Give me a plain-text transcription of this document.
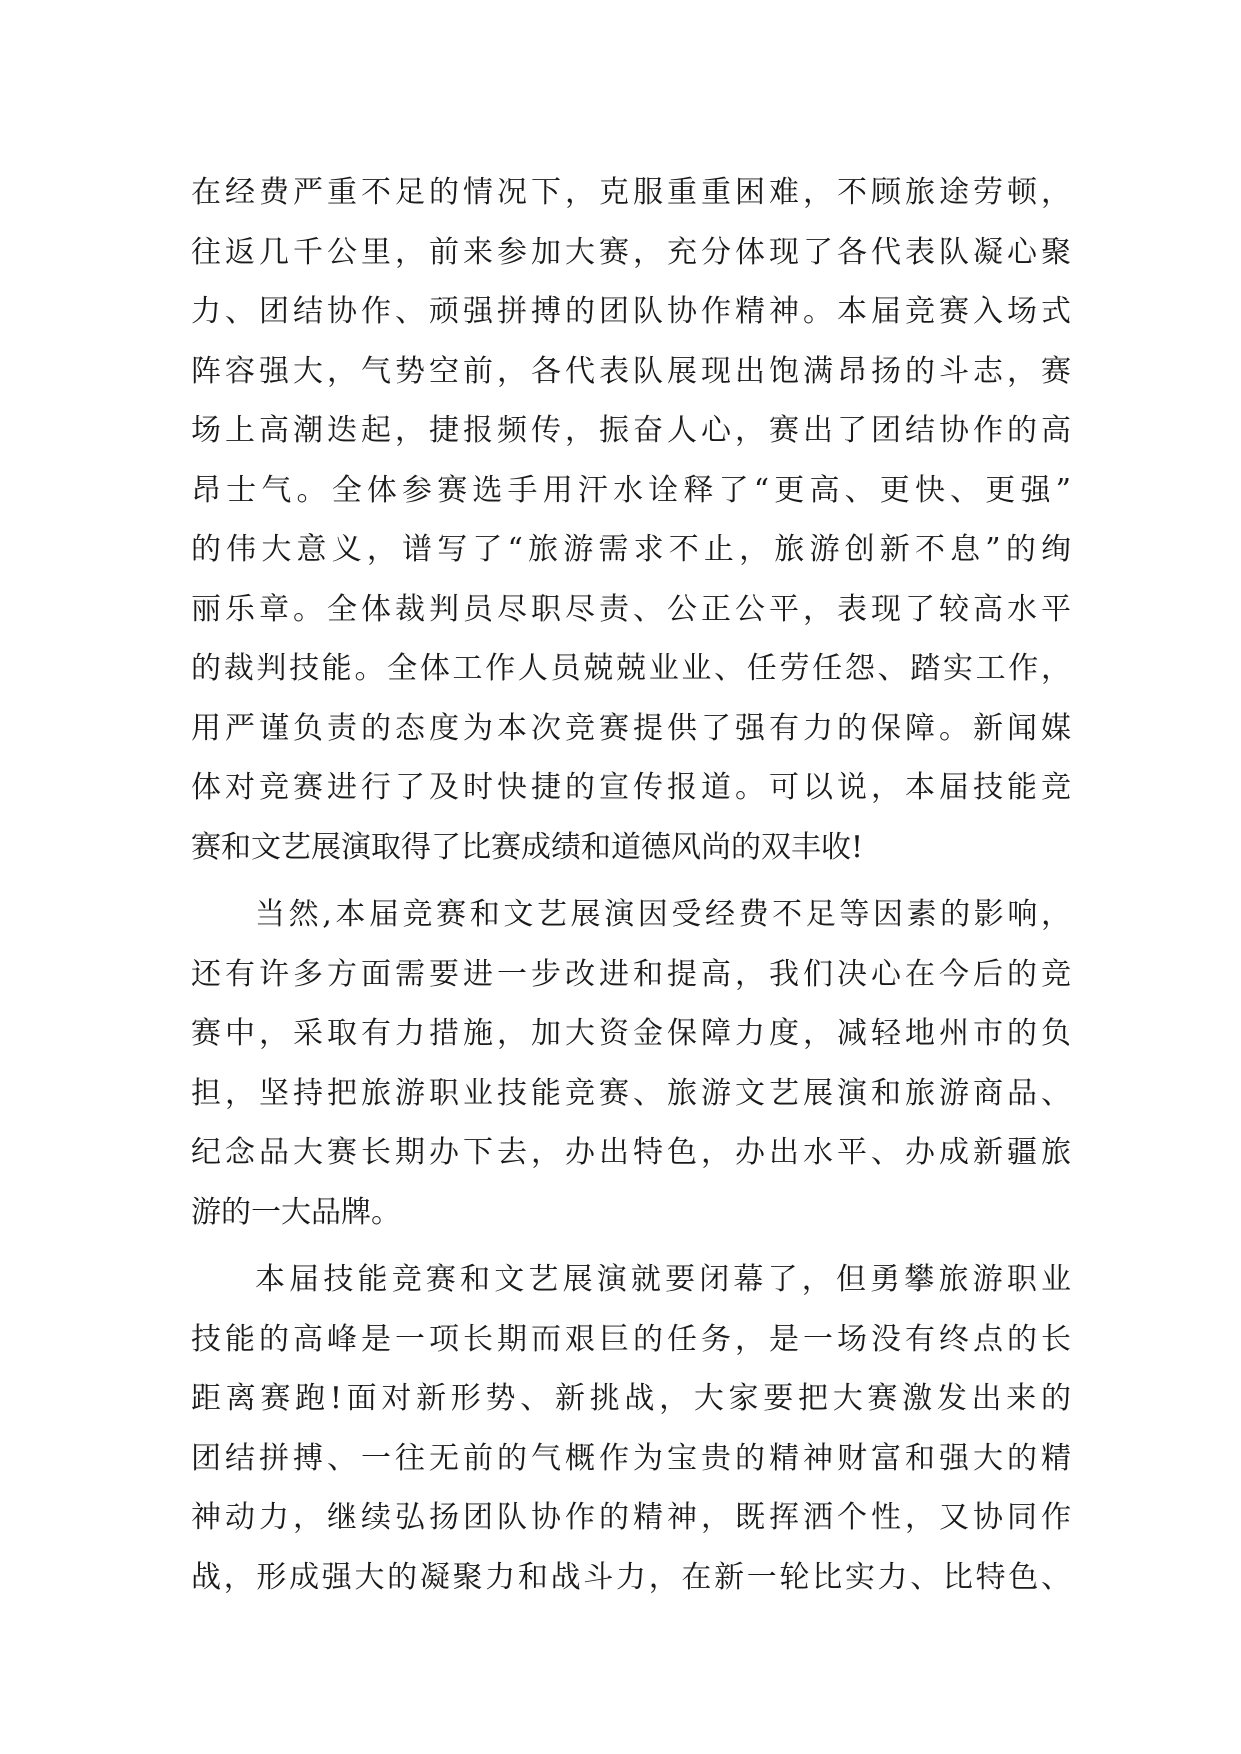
在经费严重不足的情况下，克服重重困难，不顾旅途劳顿，
往返几千公里，前来参加大赛，充分体现了各代表队凝心聚
力、团结协作、顽强拼搏的团队协作精神。本届竞赛入场式
阵容强大，气势空前，各代表队展现出饱满昂扬的斗志，赛
场上高潮迭起，捷报频传，振奋人心，赛出了团结协作的高
昂士气。全体参赛选手用汗水诠释了“更高、更快、更强”
的伟大意义，谱写了“旅游需求不止，旅游创新不息”的绚
丽乐章。全体裁判员尽职尽责、公正公平，表现了较高水平
的裁判技能。全体工作人员兢兢业业、任劳任怨、踏实工作，
用严谨负责的态度为本次竞赛提供了强有力的保障。新闻媒
体对竞赛进行了及时快捷的宣传报道。可以说，本届技能竞
赛和文艺展演取得了比赛成绩和道德风尚的双丰收!
当然,本届竞赛和文艺展演因受经费不足等因素的影响，
还有许多方面需要进一步改进和提高，我们决心在今后的竞
赛中，采取有力措施，加大资金保障力度，减轻地州市的负
担，坚持把旅游职业技能竞赛、旅游文艺展演和旅游商品、
纪念品大赛长期办下去，办出特色，办出水平、办成新疆旅
游的一大品牌。
本届技能竞赛和文艺展演就要闭幕了，但勇攀旅游职业
技能的高峰是一项长期而艰巨的任务，是一场没有终点的长
距离赛跑!面对新形势、新挑战，大家要把大赛激发出来的
团结拼搏、一往无前的气概作为宝贵的精神财富和强大的精
神动力，继续弘扬团队协作的精神，既挥洒个性，又协同作
战，形成强大的凝聚力和战斗力，在新一轮比实力、比特色、
